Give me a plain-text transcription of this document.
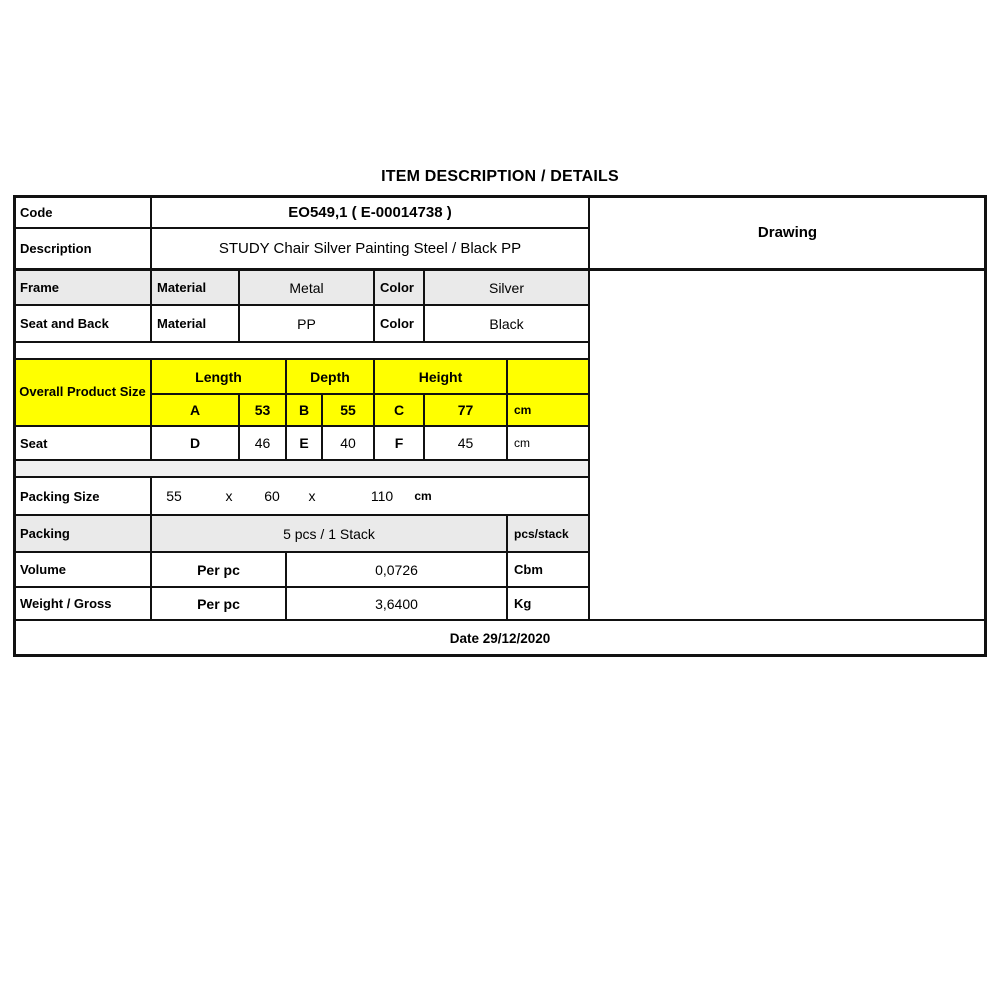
ITEM DESCRIPTION / DETAILS
Code	EO549,1 ( E-00014738 )
Description	STUDY Chair Silver Painting Steel / Black PP
Drawing
Frame	Material	Metal	Color	Silver
Seat and Back	Material	PP	Color	Black
Overall Product Size
Length	Depth	Height
A	53	B	55	C	77	cm
Seat	D	46	E	40	F	45	cm
Packing Size	55	x	60	x	110	cm
Packing	5 pcs / 1 Stack	pcs/stack
Volume	Per pc	0,0726	Cbm
Weight / Gross	Per pc	3,6400	Kg
Date 29/12/2020
